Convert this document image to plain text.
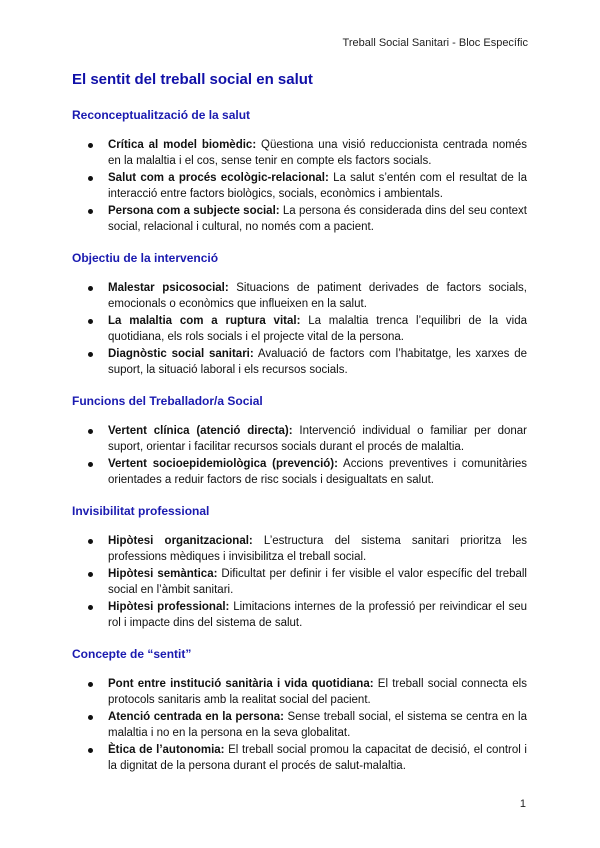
Treball Social Sanitari - Bloc Específic
El sentit del treball social en salut
Reconceptualització de la salut
Crítica al model biomèdic: Qüestiona una visió reduccionista centrada només en la malaltia i el cos, sense tenir en compte els factors socials.
Salut com a procés ecològic-relacional: La salut s’entén com el resultat de la interacció entre factors biològics, socials, econòmics i ambientals.
Persona com a subjecte social: La persona és considerada dins del seu context social, relacional i cultural, no només com a pacient.
Objectiu de la intervenció
Malestar psicosocial: Situacions de patiment derivades de factors socials, emocionals o econòmics que influeixen en la salut.
La malaltia com a ruptura vital: La malaltia trenca l’equilibri de la vida quotidiana, els rols socials i el projecte vital de la persona.
Diagnòstic social sanitari: Avaluació de factors com l’habitatge, les xarxes de suport, la situació laboral i els recursos socials.
Funcions del Treballador/a Social
Vertent clínica (atenció directa): Intervenció individual o familiar per donar suport, orientar i facilitar recursos socials durant el procés de malaltia.
Vertent socioepidemiològica (prevenció): Accions preventives i comunitàries orientades a reduir factors de risc socials i desigualtats en salut.
Invisibilitat professional
Hipòtesi organitzacional: L’estructura del sistema sanitari prioritza les professions mèdiques i invisibilitza el treball social.
Hipòtesi semàntica: Dificultat per definir i fer visible el valor específic del treball social en l’àmbit sanitari.
Hipòtesi professional: Limitacions internes de la professió per reivindicar el seu rol i impacte dins del sistema de salut.
Concepte de “sentit”
Pont entre institució sanitària i vida quotidiana: El treball social connecta els protocols sanitaris amb la realitat social del pacient.
Atenció centrada en la persona: Sense treball social, el sistema se centra en la malaltia i no en la persona en la seva globalitat.
Ètica de l’autonomia: El treball social promou la capacitat de decisió, el control i la dignitat de la persona durant el procés de salut-malaltia.
1
